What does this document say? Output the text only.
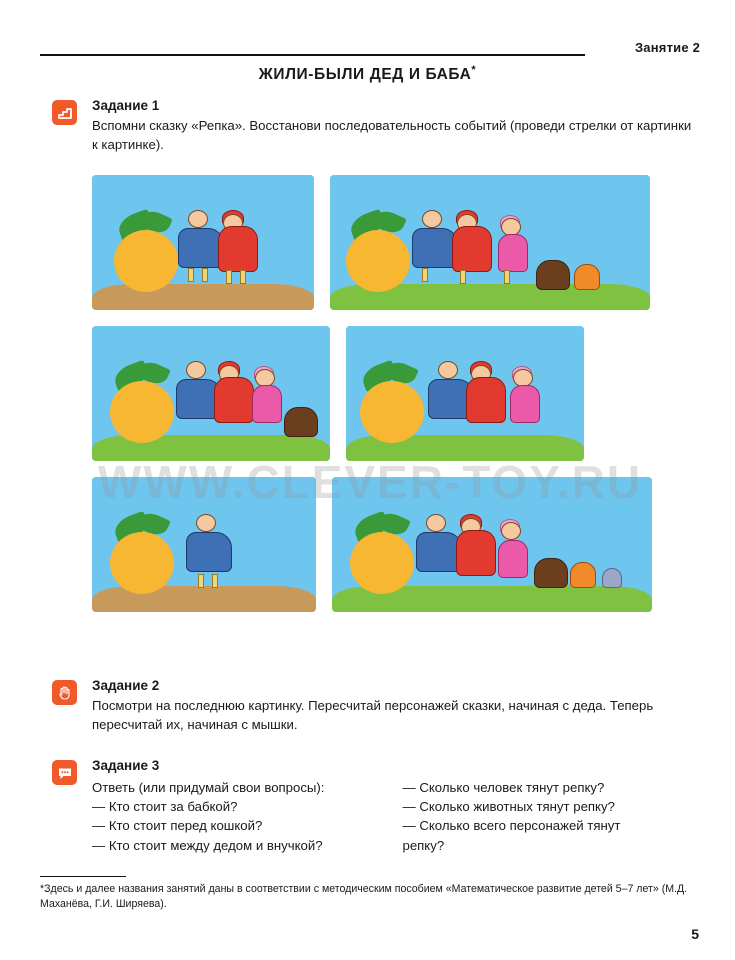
Занятие 2
ЖИЛИ-БЫЛИ ДЕД И БАБА*

Задание 1

Вспомни сказку «Репка». Восстанови последовательность событий (проведи стрелки от картинки к картинке).

WWW.CLEVER-TOY.RU

Задание 2

Посмотри на последнюю картинку. Пересчитай персонажей сказки, начиная с деда. Теперь пересчитай их, начиная с мышки.

Задание 3

Ответь (или придумай свои вопросы):

— Кто стоит за бабкой?

— Кто стоит перед кошкой?

— Кто стоит между дедом и внучкой?

— Сколько человек тянут репку?

— Сколько животных тянут репку?

— Сколько всего персонажей тянут

репку?

*Здесь и далее названия занятий даны в соответствии с методическим пособием «Математическое развитие детей 5–7 лет» (М.Д. Маханёва, Г.И. Ширяева).

5
